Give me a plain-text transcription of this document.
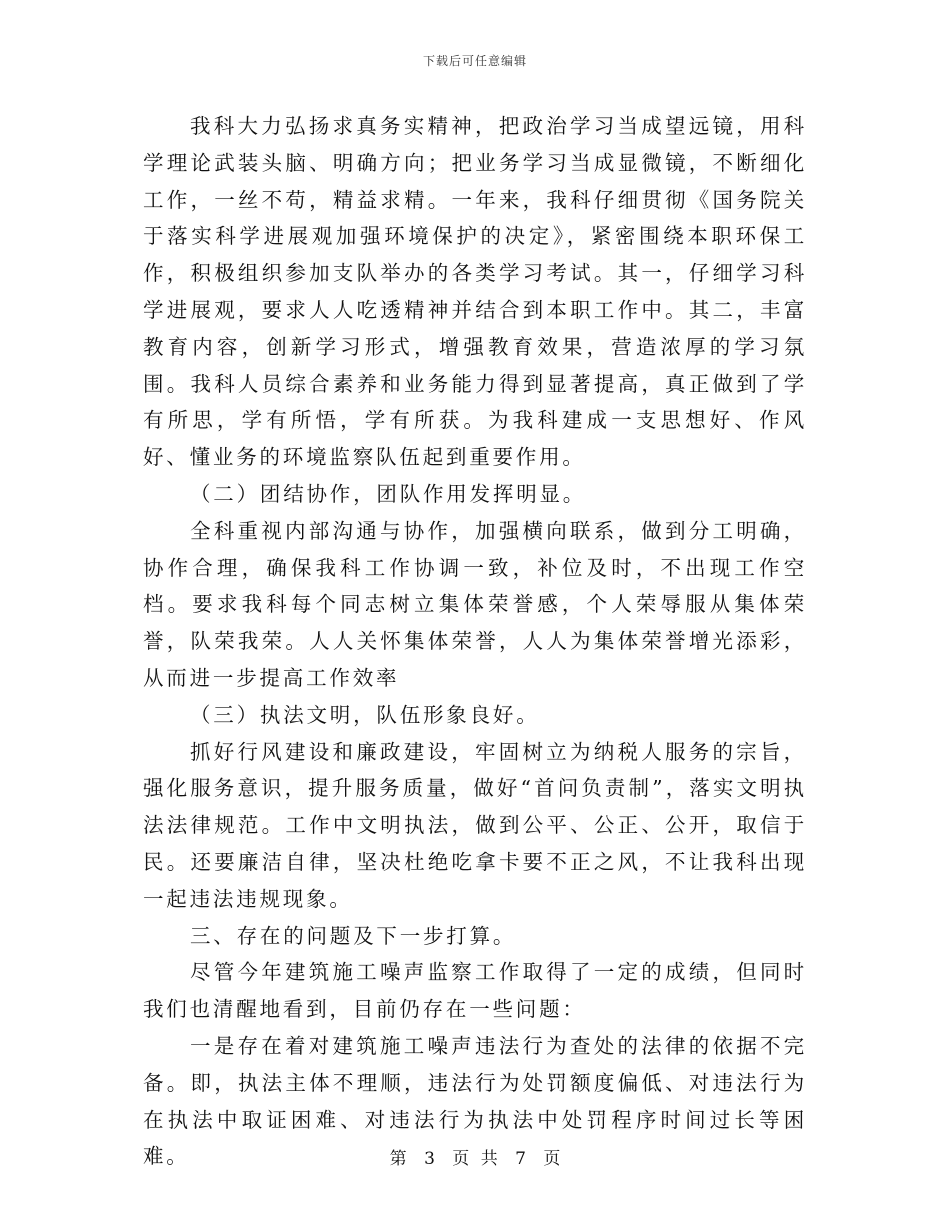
下载后可任意编辑

我科大力弘扬求真务实精神，把政治学习当成望远镜，用科学理论武装头脑、明确方向；把业务学习当成显微镜，不断细化工作，一丝不苟，精益求精。一年来，我科仔细贯彻《国务院关于落实科学进展观加强环境保护的决定》，紧密围绕本职环保工作，积极组织参加支队举办的各类学习考试。其一，仔细学习科学进展观，要求人人吃透精神并结合到本职工作中。其二，丰富教育内容，创新学习形式，增强教育效果，营造浓厚的学习氛围。我科人员综合素养和业务能力得到显著提高，真正做到了学有所思，学有所悟，学有所获。为我科建成一支思想好、作风好、懂业务的环境监察队伍起到重要作用。

（二）团结协作，团队作用发挥明显。

全科重视内部沟通与协作，加强横向联系，做到分工明确，协作合理，确保我科工作协调一致，补位及时，不出现工作空档。要求我科每个同志树立集体荣誉感，个人荣辱服从集体荣誉，队荣我荣。人人关怀集体荣誉，人人为集体荣誉增光添彩，从而进一步提高工作效率

（三）执法文明，队伍形象良好。

抓好行风建设和廉政建设，牢固树立为纳税人服务的宗旨，强化服务意识，提升服务质量，做好“首问负责制”，落实文明执法法律规范。工作中文明执法，做到公平、公正、公开，取信于民。还要廉洁自律，坚决杜绝吃拿卡要不正之风，不让我科出现一起违法违规现象。

三、存在的问题及下一步打算。

尽管今年建筑施工噪声监察工作取得了一定的成绩，但同时我们也清醒地看到，目前仍存在一些问题：

一是存在着对建筑施工噪声违法行为查处的法律的依据不完备。即，执法主体不理顺，违法行为处罚额度偏低、对违法行为在执法中取证困难、对违法行为执法中处罚程序时间过长等困难。	第 3 页 共 7 页
